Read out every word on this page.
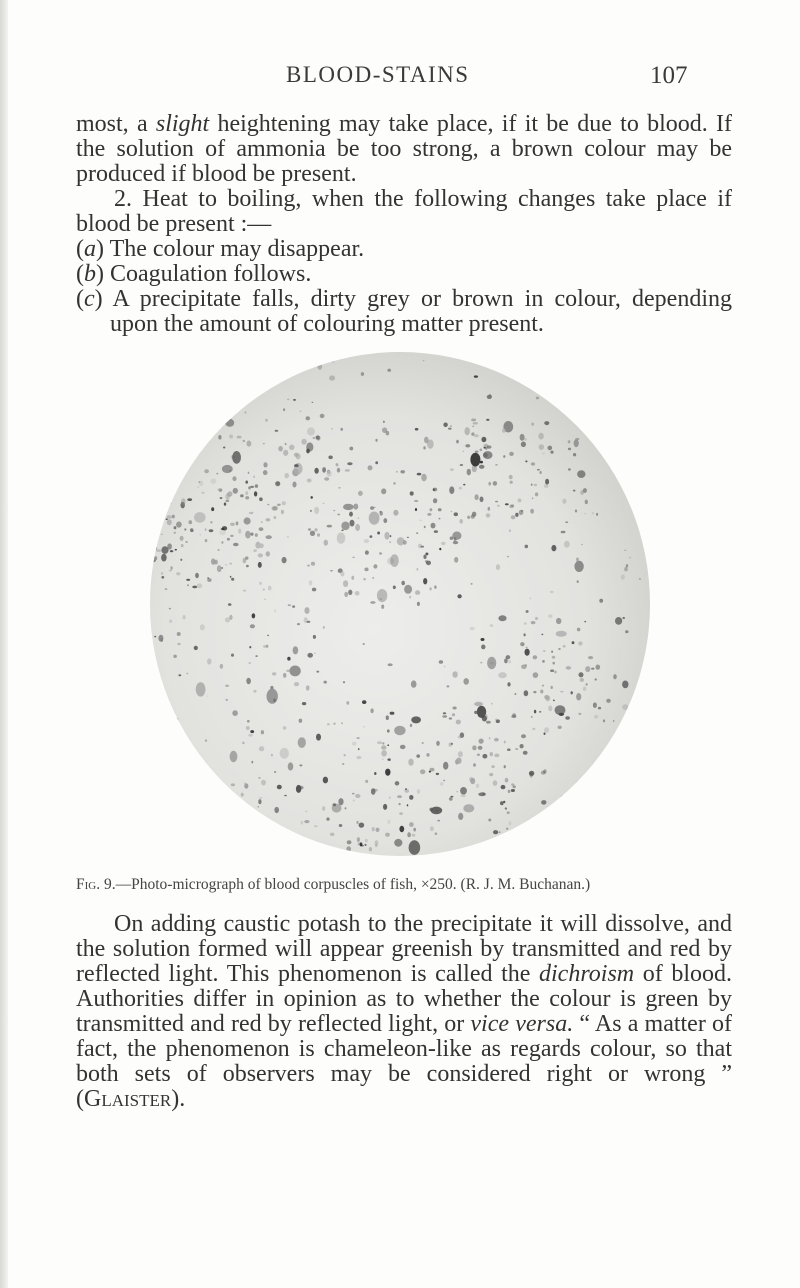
BLOOD-STAINS	107

most, a slight heightening may take place, if it be due to blood. If the solution of ammonia be too strong, a brown colour may be produced if blood be present.

2. Heat to boiling, when the following changes take place if blood be present :—

(a) The colour may disappear.

(b) Coagulation follows.

(c) A precipitate falls, dirty grey or brown in colour, depending upon the amount of colouring matter present.

Fig. 9.—Photo-micrograph of blood corpuscles of fish, ×250. (R. J. M. Buchanan.)

On adding caustic potash to the precipitate it will dissolve, and the solution formed will appear greenish by transmitted and red by reflected light. This phenomenon is called the dichroism of blood. Authorities differ in opinion as to whether the colour is green by transmitted and red by reflected light, or vice versa. “ As a matter of fact, the phenomenon is chameleon-like as regards colour, so that both sets of observers may be considered right or wrong ” (Glaister).
